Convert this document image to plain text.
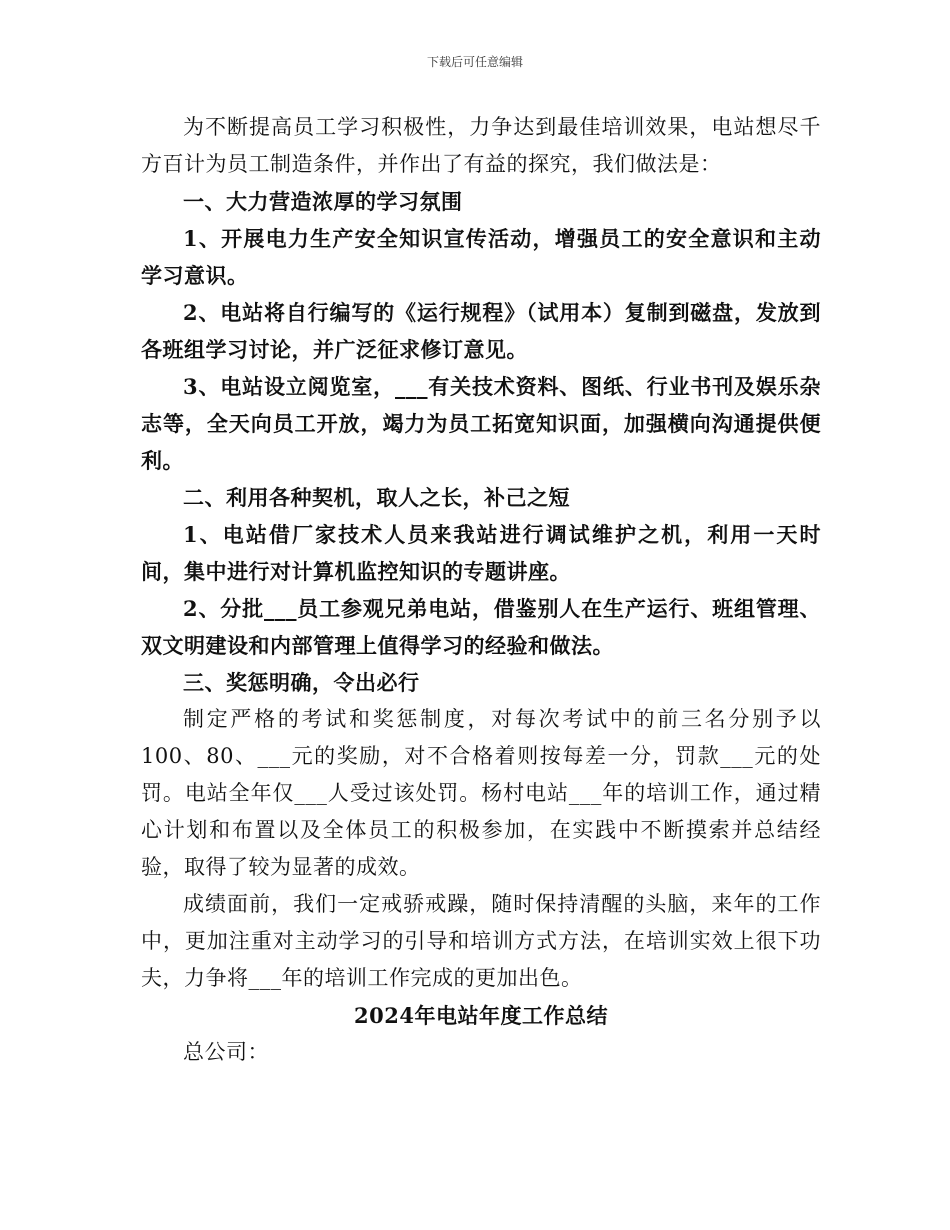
下载后可任意编辑

为不断提高员工学习积极性，力争达到最佳培训效果，电站想尽千方百计为员工制造条件，并作出了有益的探究，我们做法是：

一、大力营造浓厚的学习氛围

1、开展电力生产安全知识宣传活动，增强员工的安全意识和主动学习意识。

2、电站将自行编写的《运行规程》（试用本）复制到磁盘，发放到各班组学习讨论，并广泛征求修订意见。

3、电站设立阅览室，___有关技术资料、图纸、行业书刊及娱乐杂志等，全天向员工开放，竭力为员工拓宽知识面，加强横向沟通提供便利。

二、利用各种契机，取人之长，补己之短

1、电站借厂家技术人员来我站进行调试维护之机，利用一天时间，集中进行对计算机监控知识的专题讲座。

2、分批___员工参观兄弟电站，借鉴别人在生产运行、班组管理、双文明建设和内部管理上值得学习的经验和做法。

三、奖惩明确，令出必行

制定严格的考试和奖惩制度，对每次考试中的前三名分别予以100、80、___元的奖励，对不合格着则按每差一分，罚款___元的处罚。电站全年仅___人受过该处罚。杨村电站___年的培训工作，通过精心计划和布置以及全体员工的积极参加，在实践中不断摸索并总结经验，取得了较为显著的成效。

成绩面前，我们一定戒骄戒躁，随时保持清醒的头脑，来年的工作中，更加注重对主动学习的引导和培训方式方法，在培训实效上很下功夫，力争将___年的培训工作完成的更加出色。

2024年电站年度工作总结

总公司：
